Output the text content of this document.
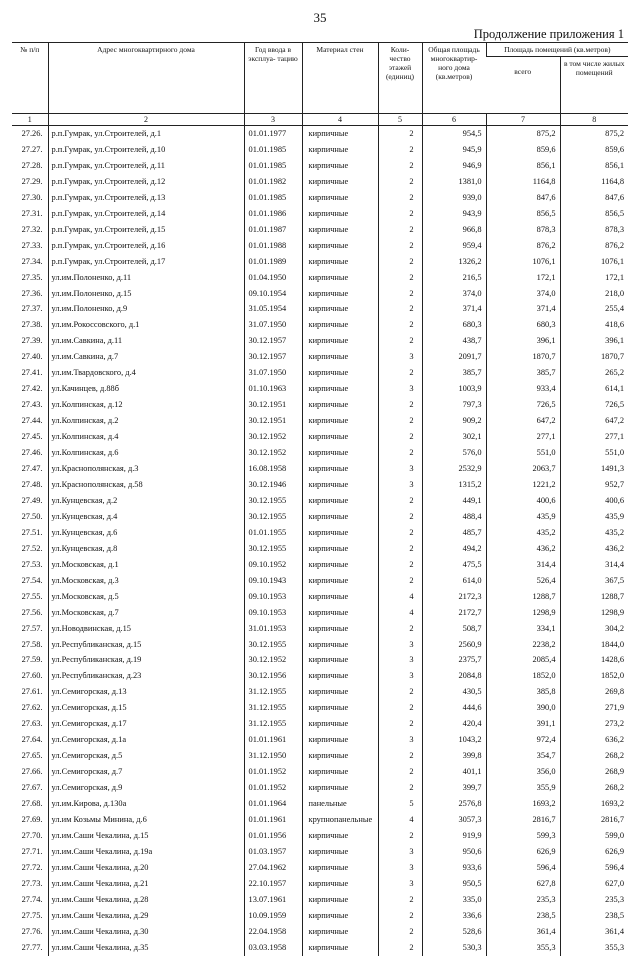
35
Продолжение приложения 1
№ п/п	Адрес многоквартирного дома	Год ввода в эксплуа- тацию	Материал стен	Коли- чество этажей (единиц)	Общая площадь многоквартир- ного дома (кв.метров)	Площадь помещений (кв.метров)	
						всего	в том числе жилых помещений
1	2	3	4	5	6	7	8
27.26.	р.п.Гумрак, ул.Строителей, д.1	01.01.1977	кирпичные	2	954,5	875,2	875,2
27.27.	р.п.Гумрак, ул.Строителей, д.10	01.01.1985	кирпичные	2	945,9	859,6	859,6
27.28.	р.п.Гумрак, ул.Строителей, д.11	01.01.1985	кирпичные	2	946,9	856,1	856,1
27.29.	р.п.Гумрак, ул.Строителей, д.12	01.01.1982	кирпичные	2	1381,0	1164,8	1164,8
27.30.	р.п.Гумрак, ул.Строителей, д.13	01.01.1985	кирпичные	2	939,0	847,6	847,6
27.31.	р.п.Гумрак, ул.Строителей, д.14	01.01.1986	кирпичные	2	943,9	856,5	856,5
27.32.	р.п.Гумрак, ул.Строителей, д.15	01.01.1987	кирпичные	2	966,8	878,3	878,3
27.33.	р.п.Гумрак, ул.Строителей, д.16	01.01.1988	кирпичные	2	959,4	876,2	876,2
27.34.	р.п.Гумрак, ул.Строителей, д.17	01.01.1989	кирпичные	2	1326,2	1076,1	1076,1
27.35.	ул.им.Полоненко, д.11	01.04.1950	кирпичные	2	216,5	172,1	172,1
27.36.	ул.им.Полоненко, д.15	09.10.1954	кирпичные	2	374,0	374,0	218,0
27.37.	ул.им.Полоненко, д.9	31.05.1954	кирпичные	2	371,4	371,4	255,4
27.38.	ул.им.Рокоссовского, д.1	31.07.1950	кирпичные	2	680,3	680,3	418,6
27.39.	ул.им.Савкина, д.11	30.12.1957	кирпичные	2	438,7	396,1	396,1
27.40.	ул.им.Савкина, д.7	30.12.1957	кирпичные	3	2091,7	1870,7	1870,7
27.41.	ул.им.Твардовского, д.4	31.07.1950	кирпичные	2	385,7	385,7	265,2
27.42.	ул.Качинцев, д.88б	01.10.1963	кирпичные	3	1003,9	933,4	614,1
27.43.	ул.Колпинская, д.12	30.12.1951	кирпичные	2	797,3	726,5	726,5
27.44.	ул.Колпинская, д.2	30.12.1951	кирпичные	2	909,2	647,2	647,2
27.45.	ул.Колпинская, д.4	30.12.1952	кирпичные	2	302,1	277,1	277,1
27.46.	ул.Колпинская, д.6	30.12.1952	кирпичные	2	576,0	551,0	551,0
27.47.	ул.Краснополянская, д.3	16.08.1958	кирпичные	3	2532,9	2063,7	1491,3
27.48.	ул.Краснополянская, д.58	30.12.1946	кирпичные	3	1315,2	1221,2	952,7
27.49.	ул.Кунцевская, д.2	30.12.1955	кирпичные	2	449,1	400,6	400,6
27.50.	ул.Кунцевская, д.4	30.12.1955	кирпичные	2	488,4	435,9	435,9
27.51.	ул.Кунцевская, д.6	01.01.1955	кирпичные	2	485,7	435,2	435,2
27.52.	ул.Кунцевская, д.8	30.12.1955	кирпичные	2	494,2	436,2	436,2
27.53.	ул.Московская, д.1	09.10.1952	кирпичные	2	475,5	314,4	314,4
27.54.	ул.Московская, д.3	09.10.1943	кирпичные	2	614,0	526,4	367,5
27.55.	ул.Московская, д.5	09.10.1953	кирпичные	4	2172,3	1288,7	1288,7
27.56.	ул.Московская, д.7	09.10.1953	кирпичные	4	2172,7	1298,9	1298,9
27.57.	ул.Новодвинская, д.15	31.01.1953	кирпичные	2	508,7	334,1	304,2
27.58.	ул.Республиканская, д.15	30.12.1955	кирпичные	3	2560,9	2238,2	1844,0
27.59.	ул.Республиканская, д.19	30.12.1952	кирпичные	3	2375,7	2085,4	1428,6
27.60.	ул.Республиканская, д.23	30.12.1956	кирпичные	3	2084,8	1852,0	1852,0
27.61.	ул.Семигорская, д.13	31.12.1955	кирпичные	2	430,5	385,8	269,8
27.62.	ул.Семигорская, д.15	31.12.1955	кирпичные	2	444,6	390,0	271,9
27.63.	ул.Семигорская, д.17	31.12.1955	кирпичные	2	420,4	391,1	273,2
27.64.	ул.Семигорская, д.1а	01.01.1961	кирпичные	3	1043,2	972,4	636,2
27.65.	ул.Семигорская, д.5	31.12.1950	кирпичные	2	399,8	354,7	268,2
27.66.	ул.Семигорская, д.7	01.01.1952	кирпичные	2	401,1	356,0	268,9
27.67.	ул.Семигорская, д.9	01.01.1952	кирпичные	2	399,7	355,9	268,2
27.68.	ул.им.Кирова, д.130а	01.01.1964	панельные	5	2576,8	1693,2	1693,2
27.69.	ул.им Козьмы Минина, д.6	01.01.1961	крупнопанельные	4	3057,3	2816,7	2816,7
27.70.	ул.им.Саши Чекалина, д.15	01.01.1956	кирпичные	2	919,9	599,3	599,0
27.71.	ул.им.Саши Чекалина, д.19а	01.03.1957	кирпичные	3	950,6	626,9	626,9
27.72.	ул.им.Саши Чекалина, д.20	27.04.1962	кирпичные	3	933,6	596,4	596,4
27.73.	ул.им.Саши Чекалина, д.21	22.10.1957	кирпичные	3	950,5	627,8	627,0
27.74.	ул.им.Саши Чекалина, д.28	13.07.1961	кирпичные	2	335,0	235,3	235,3
27.75.	ул.им.Саши Чекалина, д.29	10.09.1959	кирпичные	2	336,6	238,5	238,5
27.76.	ул.им.Саши Чекалина, д.30	22.04.1958	кирпичные	2	528,6	361,4	361,4
27.77.	ул.им.Саши Чекалина, д.35	03.03.1958	кирпичные	2	530,3	355,3	355,3
